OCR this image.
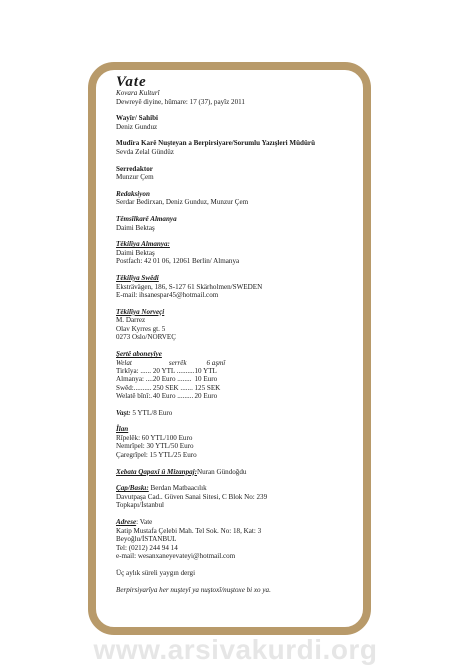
Vate
Kovara Kulturî
Dewreyê diyine, hûmare: 17 (37), payîz 2011
Wayîr/ Sahibi
Deniz Gunduz
Mudîra Karê Nuşteyan a Berpirsiyare/Sorumlu Yazışleri Müdürü
Sevda Zelal Gündüz
Serredaktor
Munzur Çem
Redaksiyon
Serdar Bedirxan, Deniz Gunduz, Munzur Çem
Têmsîlkarê Almanya
Daimi Bektaş
Têkilîya Almanya:
Daimi Bektaş
Postfach: 42 01 06, 12061 Berlin/ Almanya
Têkilîya Swêdi
Eksträvägen, 186, S-127 61 Skärholmen/SWEDEN
E-mail: ihsanespar45@hotmail.com
Têkilîya Norveçi
M. Darrez
Olav Kyrres gt. 5
0273 Oslo/NORVEÇ
Şertê aboneyîye
Welat	serrêk	6 aşmî
Tirkîya: ......	20 YTL ..........	10 YTL
Almanya: ....	20 Euro ........	10 Euro
Swêd:..........	250 SEK .......	125 SEK
Welatê bînî:.	40 Euro .........	20 Euro
Vaşt: 5 YTL/8 Euro
Îlan
Rîpelêk: 60 YTL/100 Euro
Nemrîpel: 30 YTL/50 Euro
Çaregrîpel: 15 YTL/25 Euro
Xebata Qapaxî û Mizanpaj:Nuran Gündoğdu
Çap/Baskı: Berdan Matbaacılık
Davutpaşa Cad.. Güven Sanai Sitesi, C Blok No: 239
Topkapı/İstanbul
Adrese: Vate
Katip Mustafa Çelebi Mah. Tel Sok. No: 18, Kat: 3
Beyoğlu/İSTANBUL
Tel: (0212) 244 94 14
e-mail: wesanxaneyevateyi@hotmail.com
Üç aylık süreli yaygın dergi
Berpirsiyarîya her nuşteyî ya nuştoxî/nuştoxe bi xo ya.
www.arsivakurdi.org
